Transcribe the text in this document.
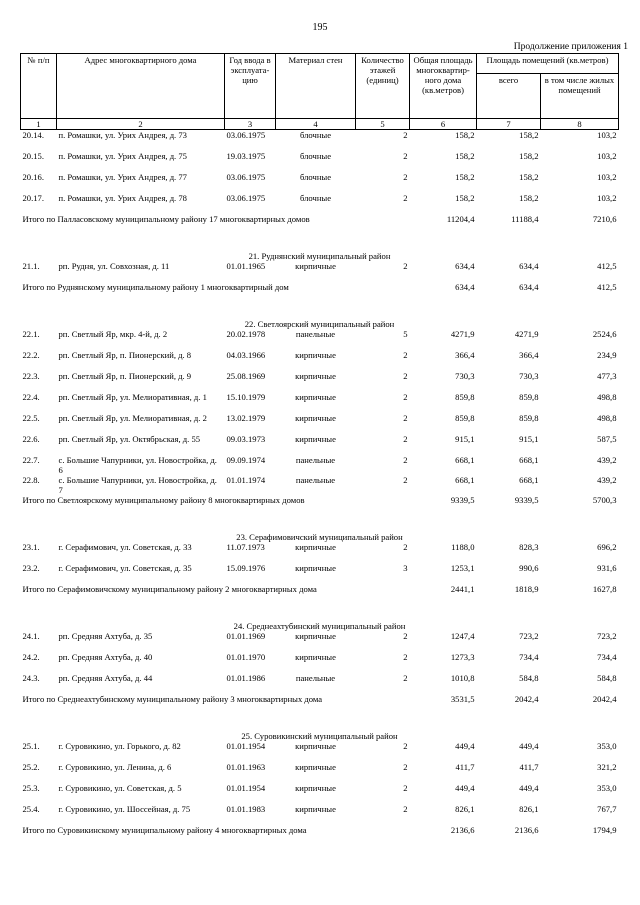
195
Продолжение приложения 1
№ п/п	Адрес многоквартирного дома	Год ввода в эксплуата-цию	Материал стен	Количество этажей (единиц)	Общая площадь многоквартир-ного дома (кв.метров)	Площадь помещений (кв.метров)	
						всего	в том числе жилых помещений
1	2	3	4	5	6	7	8
20.14.	п. Ромашки, ул. Урих Андрея, д. 73	03.06.1975	блочные	2	158,2	158,2	103,2
20.15.	п. Ромашки, ул. Урих Андрея, д. 75	19.03.1975	блочные	2	158,2	158,2	103,2
20.16.	п. Ромашки, ул. Урих Андрея, д. 77	03.06.1975	блочные	2	158,2	158,2	103,2
20.17.	п. Ромашки, ул. Урих Андрея, д. 78	03.06.1975	блочные	2	158,2	158,2	103,2
Итого по Палласовскому муниципальному району 17 многоквартирных домов					11204,4	11188,4	7210,6
21. Руднянский муниципальный район							
21.1.	рп. Рудня, ул. Совхозная, д. 11	01.01.1965	кирпичные	2	634,4	634,4	412,5
Итого по Руднянскому муниципальному району 1 многоквартирный дом					634,4	634,4	412,5
22. Светлоярский муниципальный район							
22.1.	рп. Светлый Яр, мкр. 4-й, д. 2	20.02.1978	панельные	5	4271,9	4271,9	2524,6
22.2.	рп. Светлый Яр, п. Пионерский, д. 8	04.03.1966	кирпичные	2	366,4	366,4	234,9
22.3.	рп. Светлый Яр, п. Пионерский, д. 9	25.08.1969	кирпичные	2	730,3	730,3	477,3
22.4.	рп. Светлый Яр, ул. Мелиоративная, д. 1	15.10.1979	кирпичные	2	859,8	859,8	498,8
22.5.	рп. Светлый Яр, ул. Мелиоративная, д. 2	13.02.1979	кирпичные	2	859,8	859,8	498,8
22.6.	рп. Светлый Яр, ул. Октябрьская, д. 55	09.03.1973	кирпичные	2	915,1	915,1	587,5
22.7.	с. Большие Чапурники, ул. Новостройка, д. 6	09.09.1974	панельные	2	668,1	668,1	439,2
22.8.	с. Большие Чапурники, ул. Новостройка, д. 7	01.01.1974	панельные	2	668,1	668,1	439,2
Итого по Светлоярскому муниципальному району 8 многоквартирных домов					9339,5	9339,5	5700,3
23. Серафимовичский муниципальный район							
23.1.	г. Серафимович, ул. Советская, д. 33	11.07.1973	кирпичные	2	1188,0	828,3	696,2
23.2.	г. Серафимович, ул. Советская, д. 35	15.09.1976	кирпичные	3	1253,1	990,6	931,6
Итого по Серафимовичскому муниципальному району 2 многоквартирных дома					2441,1	1818,9	1627,8
24. Среднеахтубинский муниципальный район							
24.1.	рп. Средняя Ахтуба, д. 35	01.01.1969	кирпичные	2	1247,4	723,2	723,2
24.2.	рп. Средняя Ахтуба, д. 40	01.01.1970	кирпичные	2	1273,3	734,4	734,4
24.3.	рп. Средняя Ахтуба, д. 44	01.01.1986	панельные	2	1010,8	584,8	584,8
Итого по Среднеахтубинскому муниципальному району 3 многоквартирных дома					3531,5	2042,4	2042,4
25. Суровикинский муниципальный район							
25.1.	г. Суровикино, ул. Горького, д. 82	01.01.1954	кирпичные	2	449,4	449,4	353,0
25.2.	г. Суровикино, ул. Ленина, д. 6	01.01.1963	кирпичные	2	411,7	411,7	321,2
25.3.	г. Суровикино, ул. Советская, д. 5	01.01.1954	кирпичные	2	449,4	449,4	353,0
25.4.	г. Суровикино, ул. Шоссейная, д. 75	01.01.1983	кирпичные	2	826,1	826,1	767,7
Итого по Суровикинскому муниципальному району 4 многоквартирных дома					2136,6	2136,6	1794,9
